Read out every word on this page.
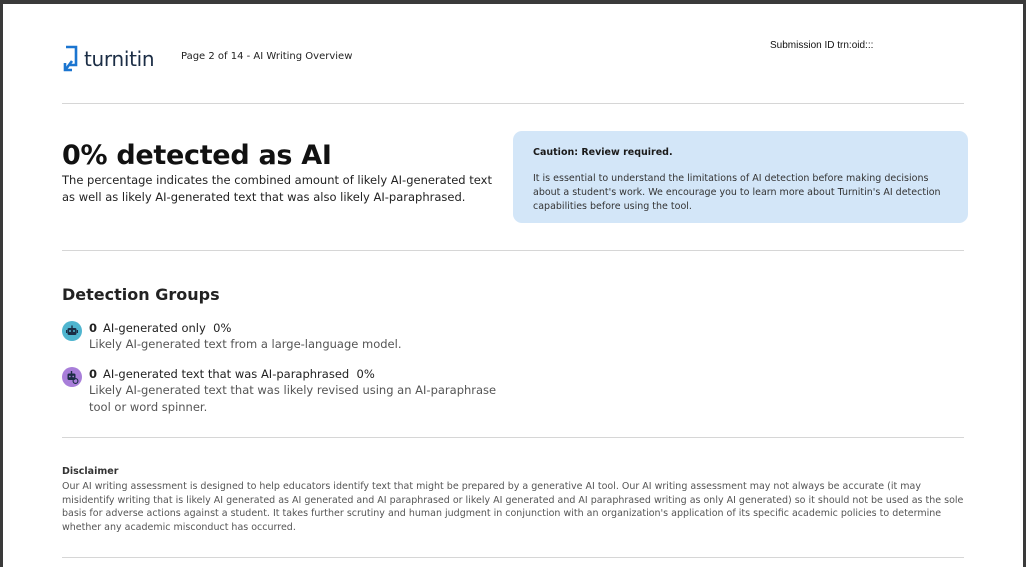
turnitin	Page 2 of 14 - AI Writing Overview
Submission ID trn:oid:::
0% detected as AI
The percentage indicates the combined amount of likely AI-generated text as well as likely AI-generated text that was also likely AI-paraphrased.
Caution: Review required.
It is essential to understand the limitations of AI detection before making decisions about a student's work. We encourage you to learn more about Turnitin's AI detection capabilities before using the tool.
Detection Groups
0 AI-generated only 0%
Likely AI-generated text from a large-language model.
0 AI-generated text that was AI-paraphrased 0%
Likely AI-generated text that was likely revised using an AI-paraphrase tool or word spinner.
Disclaimer
Our AI writing assessment is designed to help educators identify text that might be prepared by a generative AI tool. Our AI writing assessment may not always be accurate (it may misidentify writing that is likely AI generated as AI generated and AI paraphrased or likely AI generated and AI paraphrased writing as only AI generated) so it should not be used as the sole basis for adverse actions against a student. It takes further scrutiny and human judgment in conjunction with an organization's application of its specific academic policies to determine whether any academic misconduct has occurred.
